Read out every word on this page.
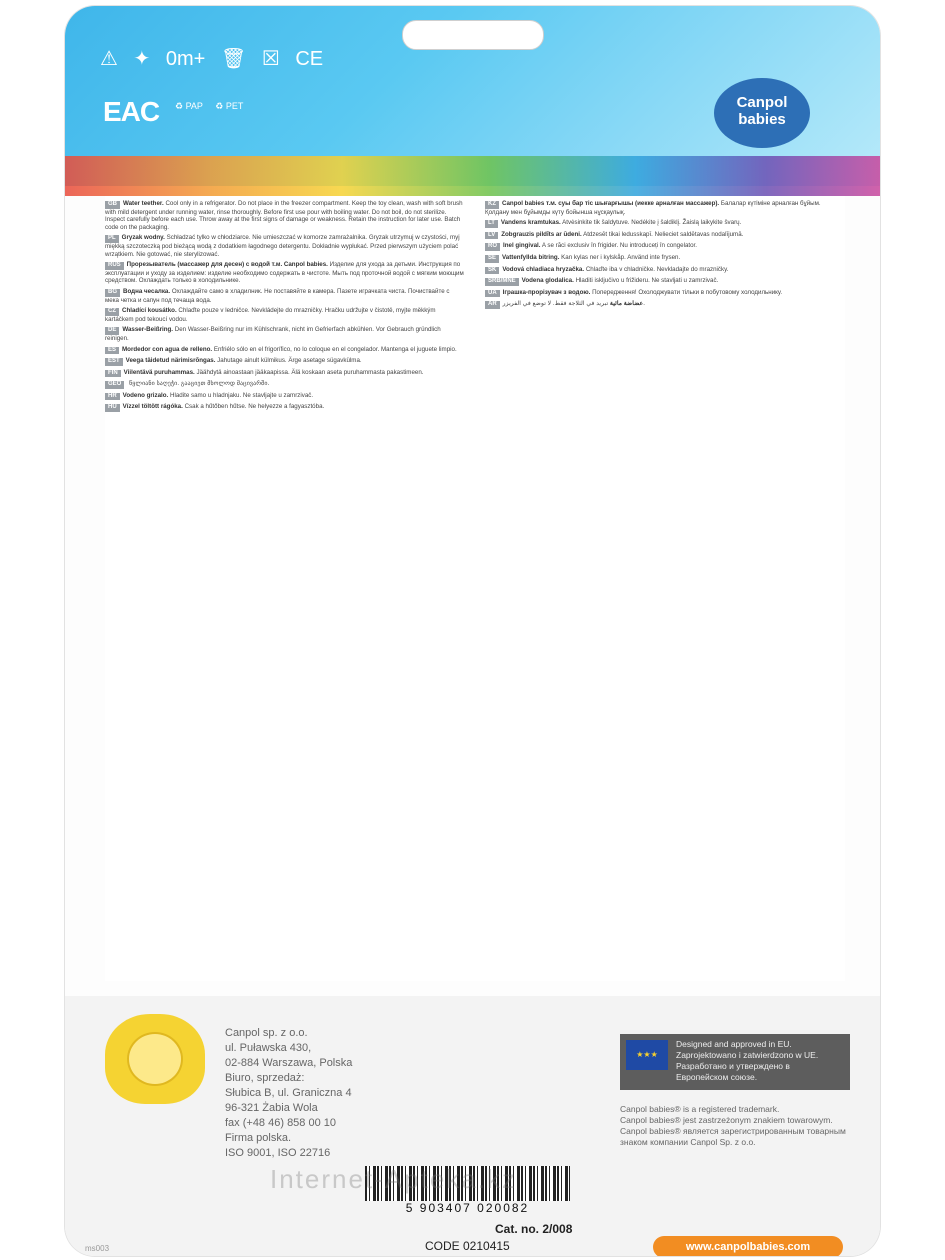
⚠ ✦ 0m+ 🗑 ☒ CE
EAC ♻ PAP ♻ PET	Canpol
babies
GB Water teether. Cool only in a refrigerator. Do not place in the freezer compartment. Keep the toy clean, wash with soft brush with mild detergent under running water, rinse thoroughly. Before first use pour with boiling water. Do not boil, do not sterilize. Inspect carefully before each use. Throw away at the first signs of damage or weakness. Retain the instruction for later use. Batch code on the packaging.
PL Gryzak wodny. Schładzać tylko w chłodziarce. Nie umieszczać w komorze zamrażalnika. Gryzak utrzymuj w czystości, myj miękką szczoteczką pod bieżącą wodą z dodatkiem łagodnego detergentu. Dokładnie wypłukać. Przed pierwszym użyciem polać wrzątkiem. Nie gotować, nie sterylizować.
RUS Прорезыватель (массажер для десен) с водой т.м. Canpol babies. Изделие для ухода за детьми. Инструкция по эксплуатации и уходу за изделием: изделие необходимо содержать в чистоте. Мыть под проточной водой с мягким моющим средством. Охлаждать только в холодильнике.
BG Водна чесалка. Охлаждайте само в хладилник. Не поставяйте в камера. Пазете играчката чиста. Почиствайте с мека четка и сапун под течаща вода.
CZ Chladící kousátko. Chlaďte pouze v ledničce. Nevkládejte do mrazničky. Hračku udržujte v čistotě, myjte měkkým kartáčkem pod tekoucí vodou.
DE Wasser-Beißring. Den Wasser-Beißring nur im Kühlschrank, nicht im Gefrierfach abkühlen. Vor Gebrauch gründlich reinigen.
ES Mordedor con agua de relleno. Enfriélo sólo en el frigorífico, no lo coloque en el congelador. Mantenga el juguete limpio.
EST Veega täidetud närimisrõngas. Jahutage ainult külmikus. Ärge asetage sügavkülma.
FIN Viilentävä puruhammas. Jäähdytä ainoastaan jääkaapissa. Älä koskaan aseta puruhammasta pakastimeen.
GEO წყლიანი საღეჭი. გააციეთ მხოლოდ მაცივარში.
HR Vodeno grizalo. Hladite samo u hladnjaku. Ne stavljajte u zamrzivač.
HU Vízzel töltött rágóka. Csak a hűtőben hűtse. Ne helyezze a fagyasztóba.
KZ Canpol babies т.м. суы бар тіс шығарғышы (иекке арналған массажер). Балалар күтіміне арналған бұйым. Қолдану мен бұйымды күту бойынша нұсқаулық.
LT Vandens kramtukas. Atvėsinkite tik šaldytuve. Nedėkite į šaldiklį. Žaislą laikykite švarų.
LV Zobgrauzis pildīts ar ūdeni. Atdzesēt tikai ledusskapī. Nelieciet saldētavas nodalījumā.
RO Inel gingival. A se răci exclusiv în frigider. Nu introduceți în congelator.
SE Vattenfyllda bitring. Kan kylas ner i kylskåp. Använd inte frysen.
SK Vodová chladiaca hryzačka. Chlaďte iba v chladničke. Nevkladajte do mrazničky.
SRB/MNE Vodena glodalica. Hladiti isključivo u frižideru. Ne stavljati u zamrzivač.
UA Іграшка-прорізувач з водою. Попередження! Охолоджувати тільки в побутовому холодильнику.
AR	عضاضة مائية تبريد في الثلاجة فقط. لا توضع في الفريزر.
Canpol sp. z o.o.
ul. Puławska 430,
02-884 Warszawa, Polska
Biuro, sprzedaż:
Słubica B, ul. Graniczna 4
96-321 Żabia Wola
fax (+48 46) 858 00 10
Firma polska.
ISO 9001, ISO 22716
★★★
Designed and approved in EU.
Zaprojektowano i zatwierdzono w UE.
Разработано и утверждено в Европейском союзе.
Canpol babies® is a registered trademark.
Canpol babies® jest zastrzeżonym znakiem towarowym.
Canpol babies® является зарегистрированным товарным знаком компании Canpol Sp. z o.o.
5 903407 020082
Cat. no. 2/008
CODE 0210415	www.canpolbabies.com
ms003
Internet-Apteka.kz
